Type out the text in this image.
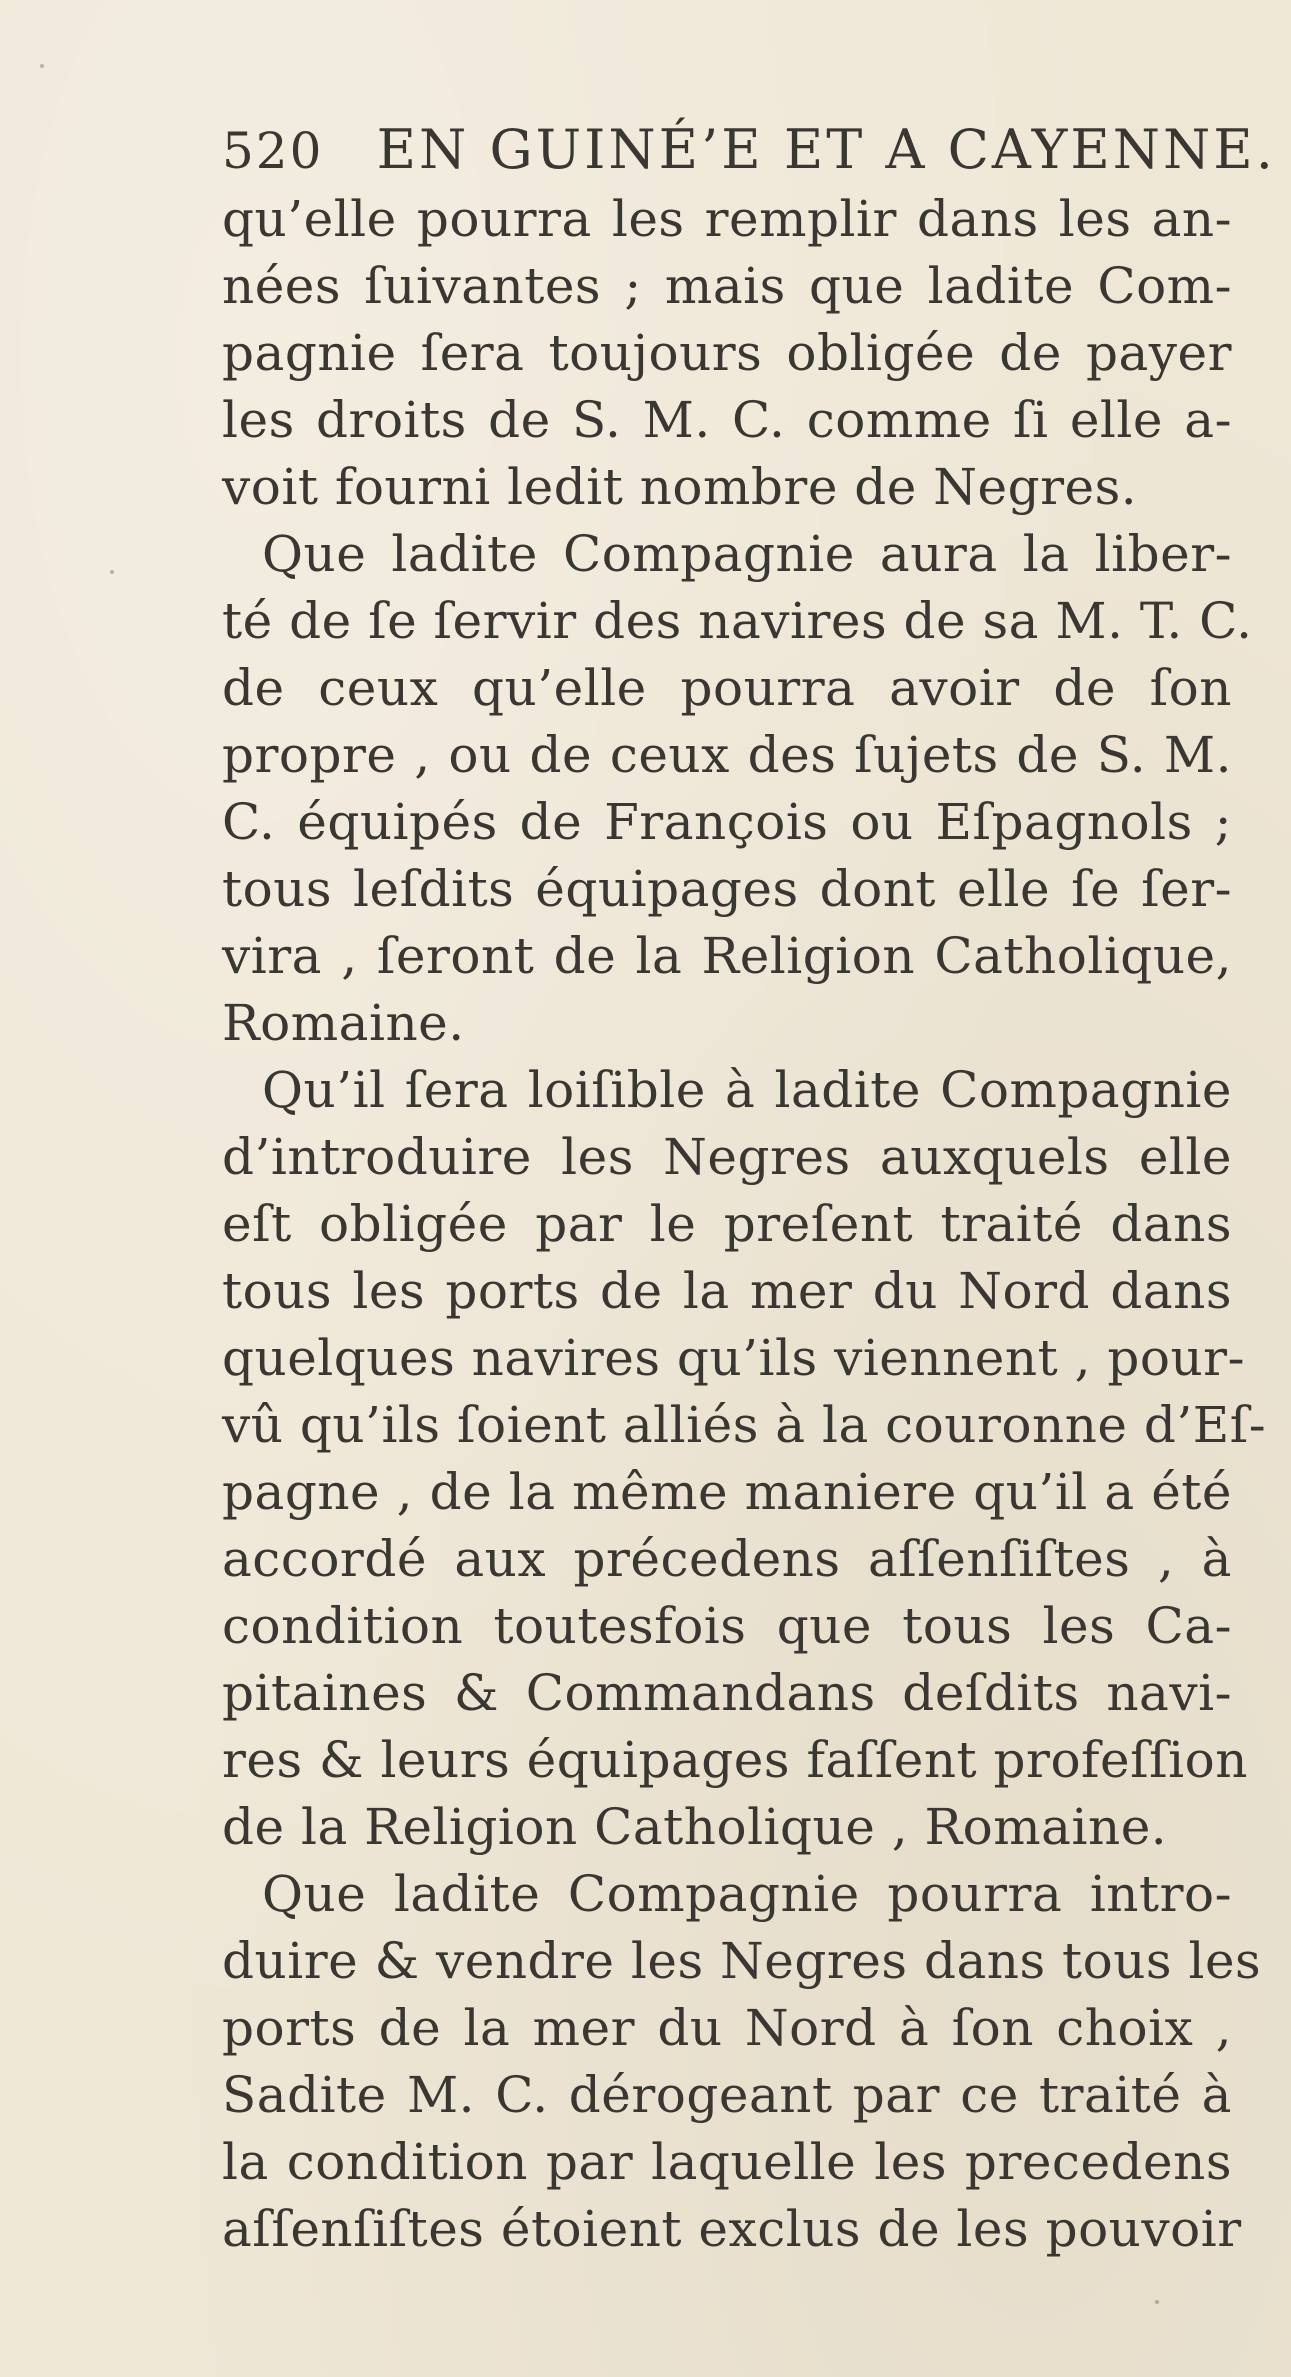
520 EN GUINÉ’E ET A CAYENNE.
qu’elle pourra les remplir dans les an-
nées ſuivantes ; mais que ladite Com-
pagnie ſera toujours obligée de payer
les droits de S. M. C. comme ſi elle a-
voit fourni ledit nombre de Negres.
Que ladite Compagnie aura la liber-
té de ſe ſervir des navires de sa M. T. C.
de ceux qu’elle pourra avoir de ſon
propre , ou de ceux des ſujets de S. M.
C. équipés de François ou Eſpagnols ;
tous leſdits équipages dont elle ſe ſer-
vira , ſeront de la Religion Catholique,
Romaine.
Qu’il ſera loiſible à ladite Compagnie
d’introduire les Negres auxquels elle
eſt obligée par le preſent traité dans
tous les ports de la mer du Nord dans
quelques navires qu’ils viennent , pour-
vû qu’ils ſoient alliés à la couronne d’Eſ-
pagne , de la même maniere qu’il a été
accordé aux précedens aſſenſiſtes , à
condition toutesfois que tous les Ca-
pitaines & Commandans deſdits navi-
res & leurs équipages faſſent profeſſion
de la Religion Catholique , Romaine.
Que ladite Compagnie pourra intro-
duire & vendre les Negres dans tous les
ports de la mer du Nord à ſon choix ,
Sadite M. C. dérogeant par ce traité à
la condition par laquelle les precedens
aſſenſiſtes étoient exclus de les pouvoir
